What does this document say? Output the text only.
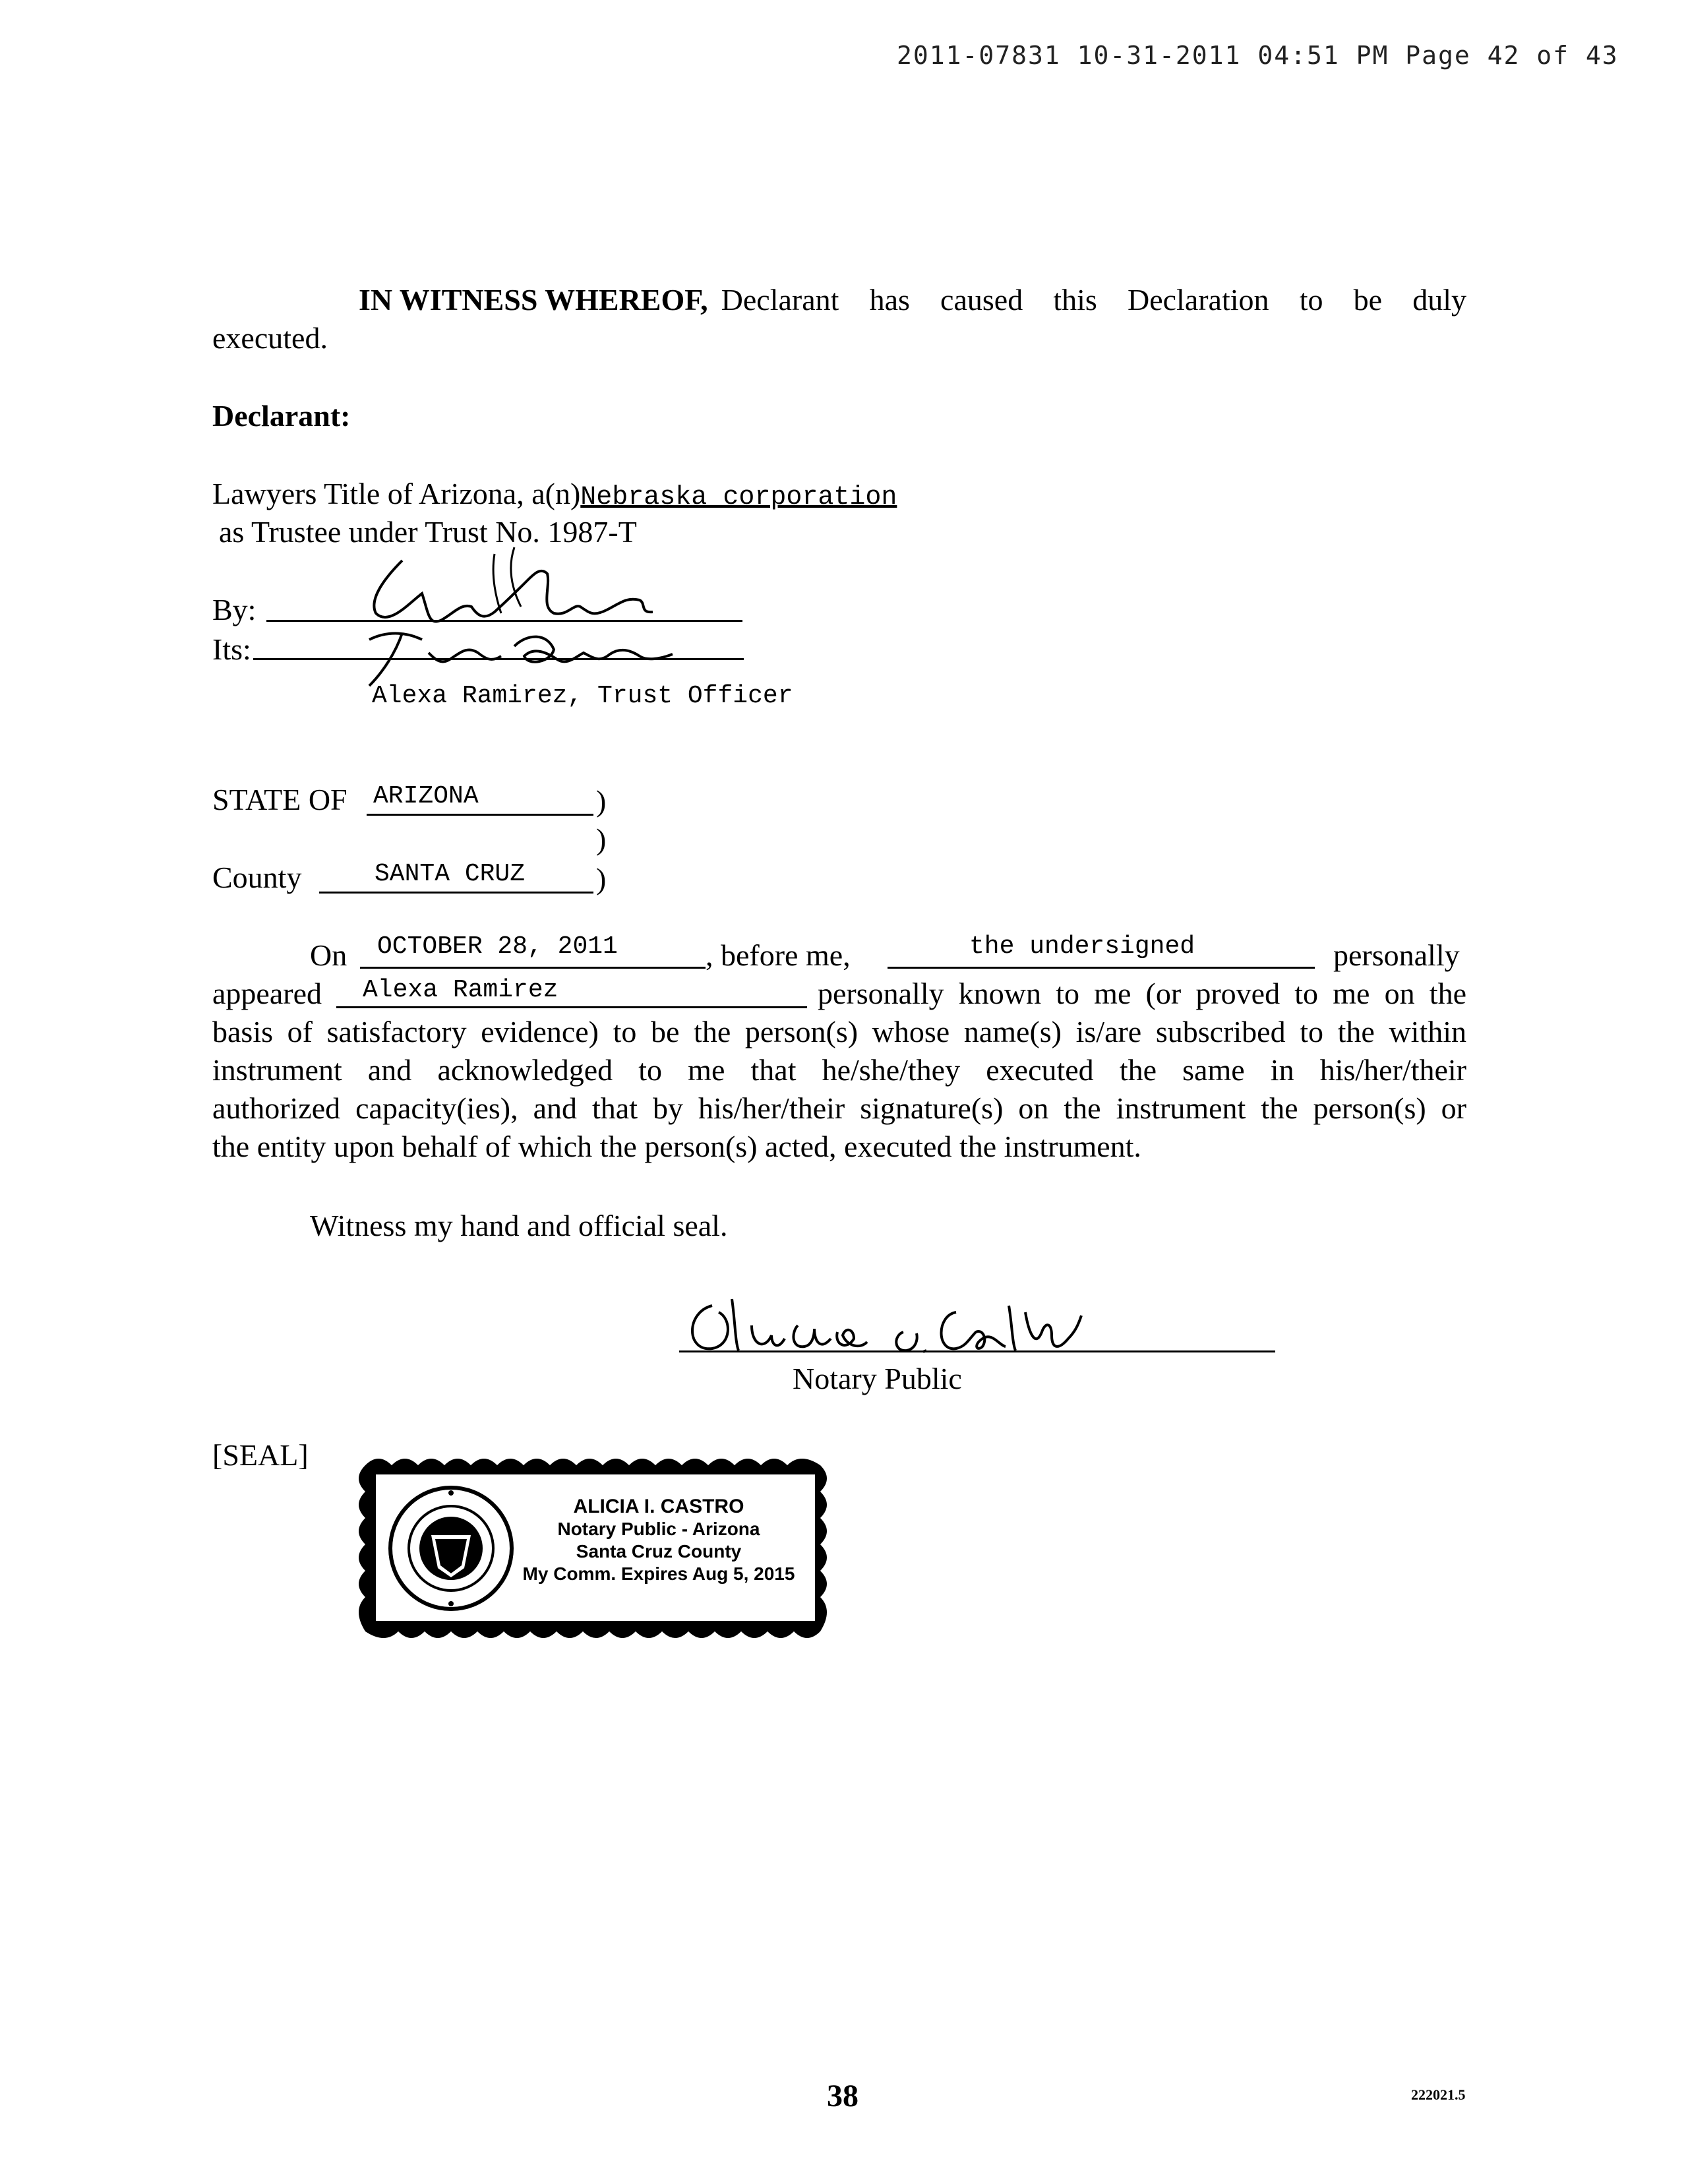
2011-07831 10-31-2011 04:51 PM Page 42 of 43
IN WITNESS WHEREOF, Declarant has caused this Declaration to be duly
executed.
Declarant:
Lawyers Title of Arizona, a(n)Nebraska corporation
as Trustee under Trust No. 1987-T
By:
Its:
Alexa Ramirez, Trust Officer
STATE OF ARIZONA	)
)
County	SANTA CRUZ )
On OCTOBER 28, 2011	, before me,	the undersigned	personally
appeared Alexa Ramirez	personally known to me (or proved to me on the
basis of satisfactory evidence) to be the person(s) whose name(s) is/are subscribed to the within
instrument and acknowledged to me that he/she/they executed the same in his/her/their
authorized capacity(ies), and that by his/her/their signature(s) on the instrument the person(s) or
the entity upon behalf of which the person(s) acted, executed the instrument.
Witness my hand and official seal.
Notary Public
[SEAL]
ALICIA I. CASTRO
Notary Public - Arizona
Santa Cruz County
My Comm. Expires Aug 5, 2015
38	222021.5
